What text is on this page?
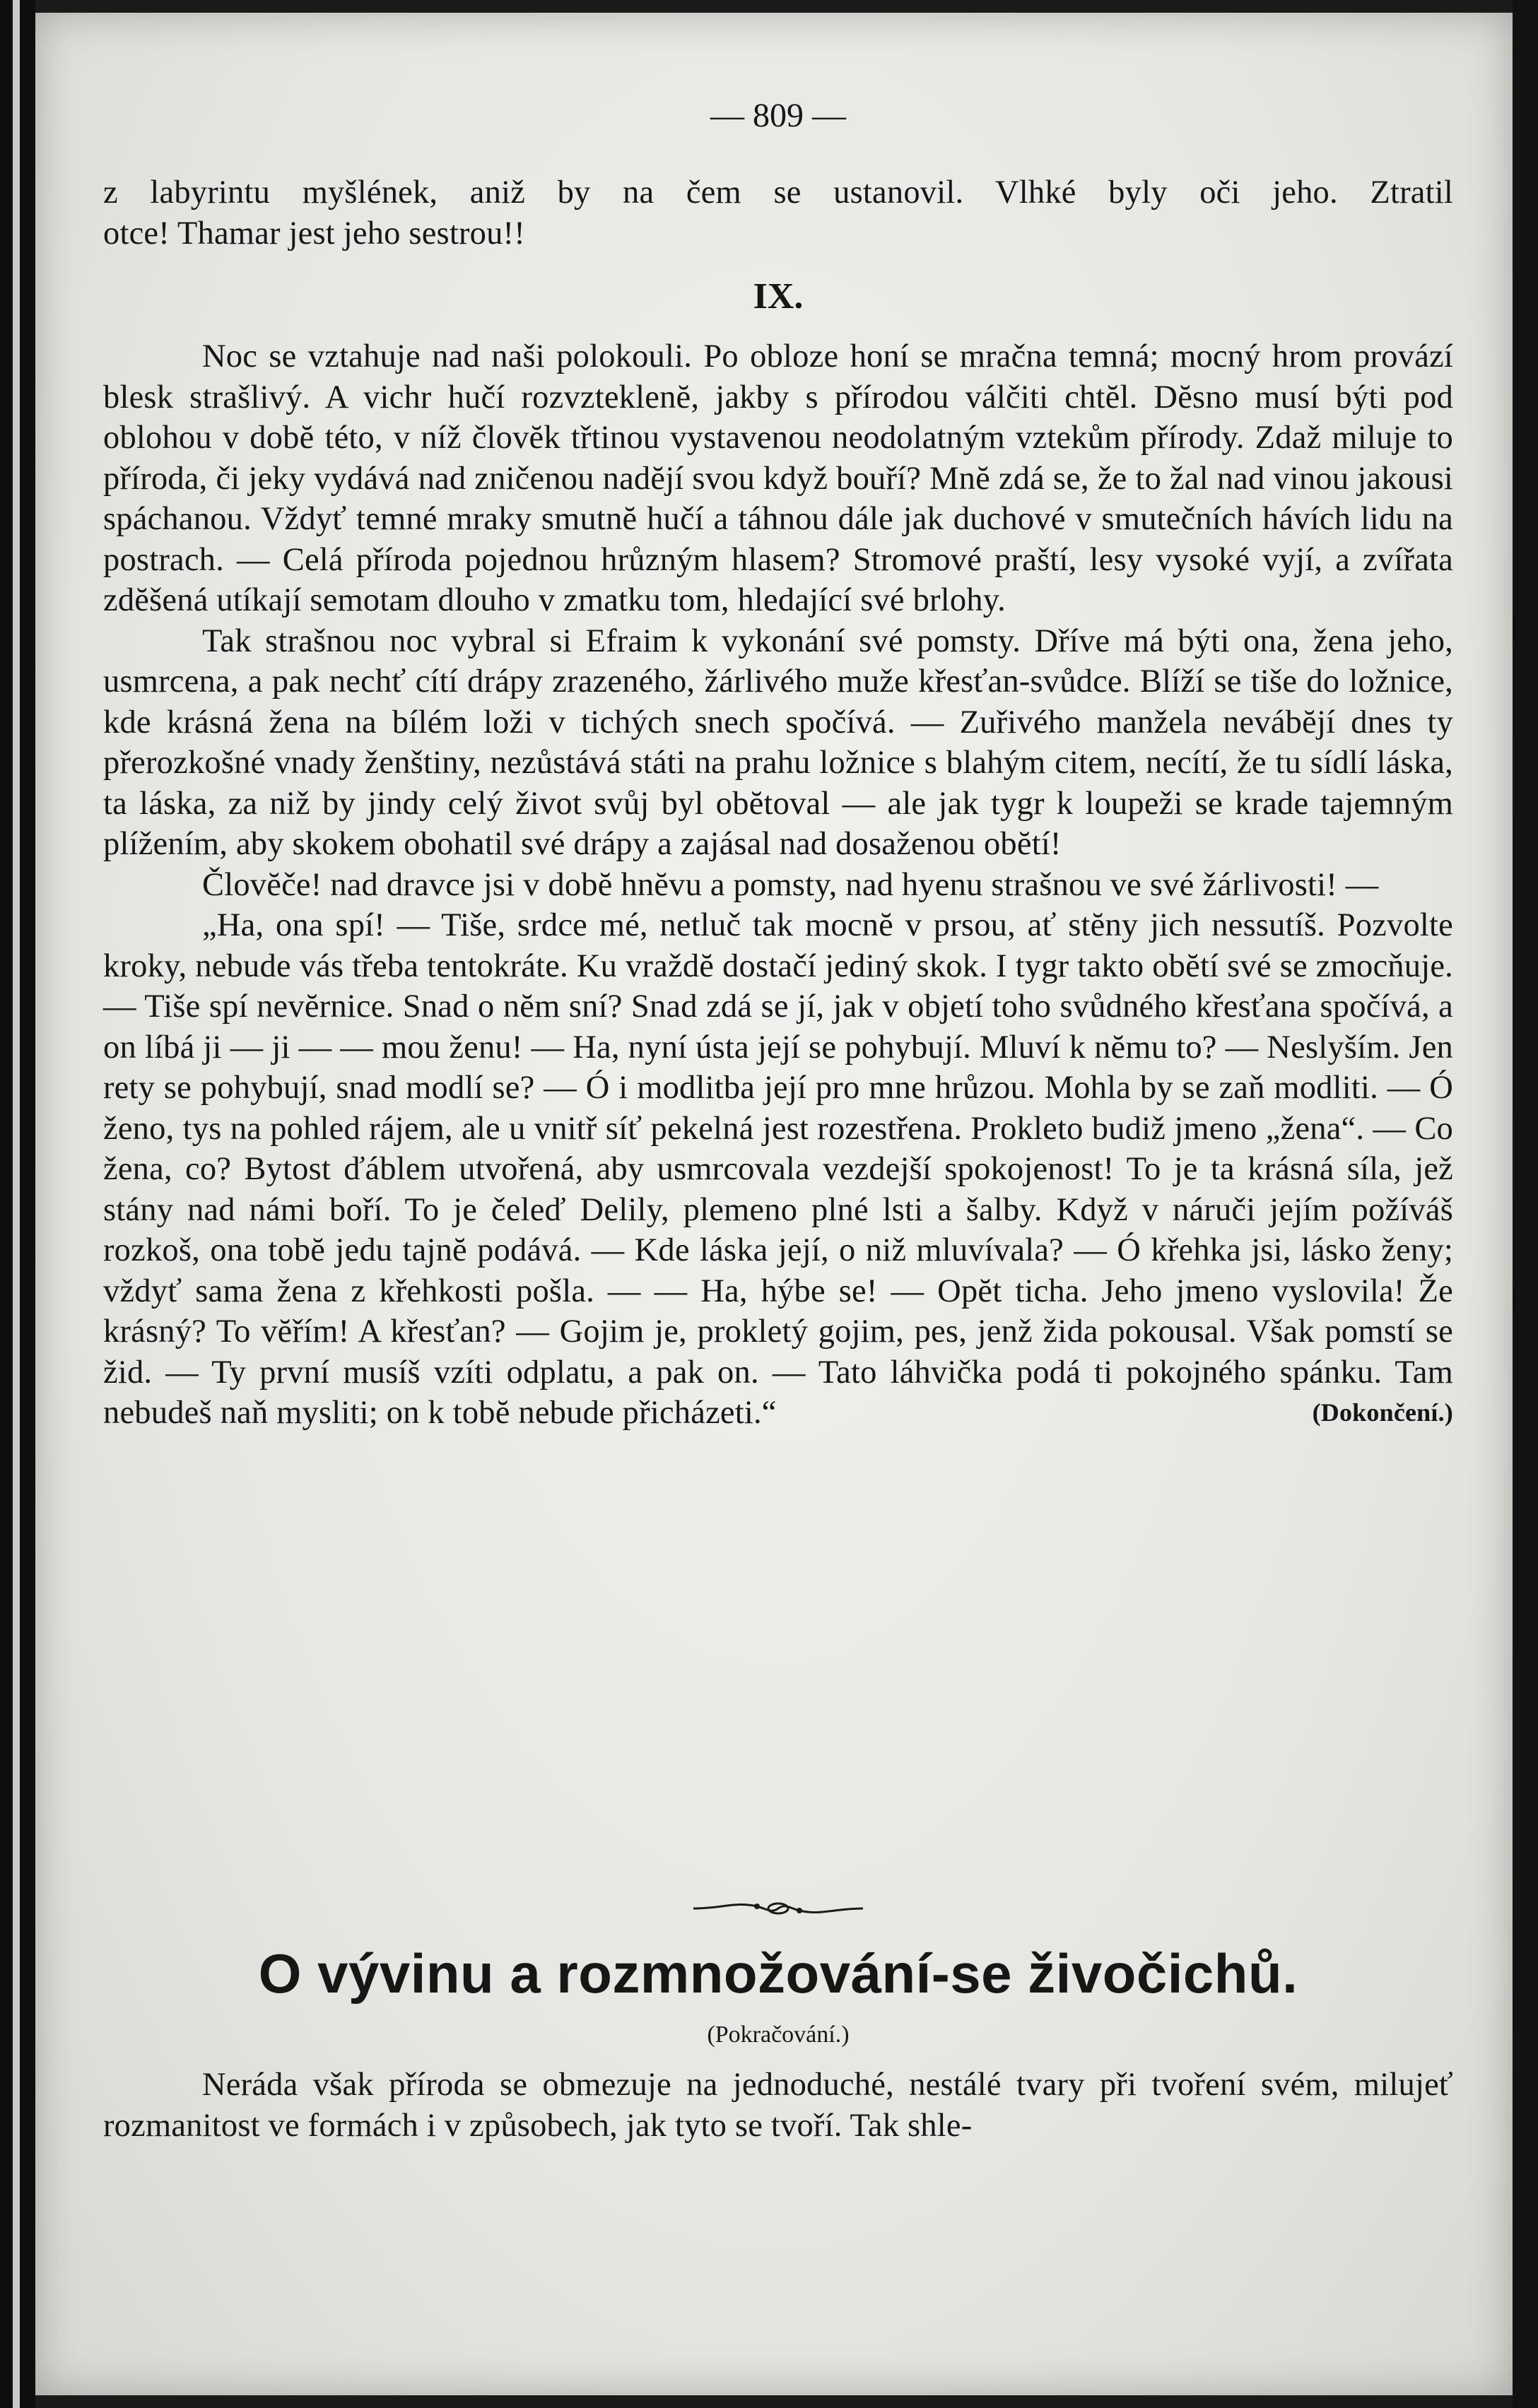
— 809 —

z labyrintu myšlének, aniž by na čem se ustanovil. Vlhké byly oči jeho. Ztratil

otce! Thamar jest jeho sestrou!!

IX.

Noc se vztahuje nad naši polokouli. Po obloze honí se mračna temná; mocný hrom provází blesk strašlivý. A vichr hučí rozvzteklenĕ, jakby s přírodou válčiti chtĕl. Dĕsno musí býti pod oblohou v dobĕ této, v níž človĕk třtinou vystavenou neodolatným vztekům přírody. Zdaž miluje to příroda, či jeky vydává nad zničenou nadĕjí svou když bouří? Mnĕ zdá se, že to žal nad vinou jakousi spáchanou. Vždyť temné mraky smutnĕ hučí a táhnou dále jak duchové v smutečních hávích lidu na postrach. — Celá příroda pojednou hrůzným hlasem? Stromové praští, lesy vysoké vyjí, a zvířata zdĕšená utíkají semotam dlouho v zmatku tom, hledající své brlohy.

Tak strašnou noc vybral si Efraim k vykonání své pomsty. Dříve má býti ona, žena jeho, usmrcena, a pak nechť cítí drápy zrazeného, žárlivého muže křesťan-svůdce. Blíží se tiše do ložnice, kde krásná žena na bílém loži v tichých snech spočívá. — Zuřivého manžela nevábĕjí dnes ty přerozkošné vnady ženštiny, nezůstává státi na prahu ložnice s blahým citem, necítí, že tu sídlí láska, ta láska, za niž by jindy celý život svůj byl obĕtoval — ale jak tygr k loupeži se krade tajemným plížením, aby skokem obohatil své drápy a zajásal nad dosaženou obĕtí!

Človĕče! nad dravce jsi v dobĕ hnĕvu a pomsty, nad hyenu strašnou ve své žárlivosti! —

„Ha, ona spí! — Tiše, srdce mé, netluč tak mocnĕ v prsou, ať stĕny jich nessutíš. Pozvolte kroky, nebude vás třeba tentokráte. Ku vraždĕ dostačí jediný skok. I tygr takto obĕtí své se zmocňuje. — Tiše spí nevĕrnice. Snad o nĕm sní? Snad zdá se jí, jak v objetí toho svůdného křesťana spočívá, a on líbá ji — ji — — mou ženu! — Ha, nyní ústa její se pohybují. Mluví k nĕmu to? — Neslyším. Jen rety se pohybují, snad modlí se? — Ó i modlitba její pro mne hrůzou. Mohla by se zaň modliti. — Ó ženo, tys na pohled rájem, ale u vnitř síť pekelná jest rozestřena. Prokleto budiž jmeno „žena“. — Co žena, co? Bytost ďáblem utvořená, aby usmrcovala vezdejší spokojenost! To je ta krásná síla, jež stány nad námi boří. To je čeleď Delily, plemeno plné lsti a šalby. Když v náruči jejím požíváš rozkoš, ona tobĕ jedu tajnĕ podává. — Kde láska její, o niž mluvívala? — Ó křehka jsi, lásko ženy; vždyť sama žena z křehkosti pošla. — — Ha, hýbe se! — Opĕt ticha. Jeho jmeno vyslovila! Že krásný? To vĕřím! A křesťan? — Gojim je, prokletý gojim, pes, jenž žida pokousal. Však pomstí se žid. — Ty první musíš vzíti odplatu, a pak on. — Tato láhvička podá ti pokojného spánku. Tam nebudeš naň mysliti; on k tobĕ nebude přicházeti.“	(Dokončení.)

O vývinu a rozmnožování-se živočichů.
(Pokračování.)

Neráda však příroda se obmezuje na jednoduché, nestálé tvary při tvoření svém, milujeť rozmanitost ve formách i v způsobech, jak tyto se tvoří. Tak shle-
